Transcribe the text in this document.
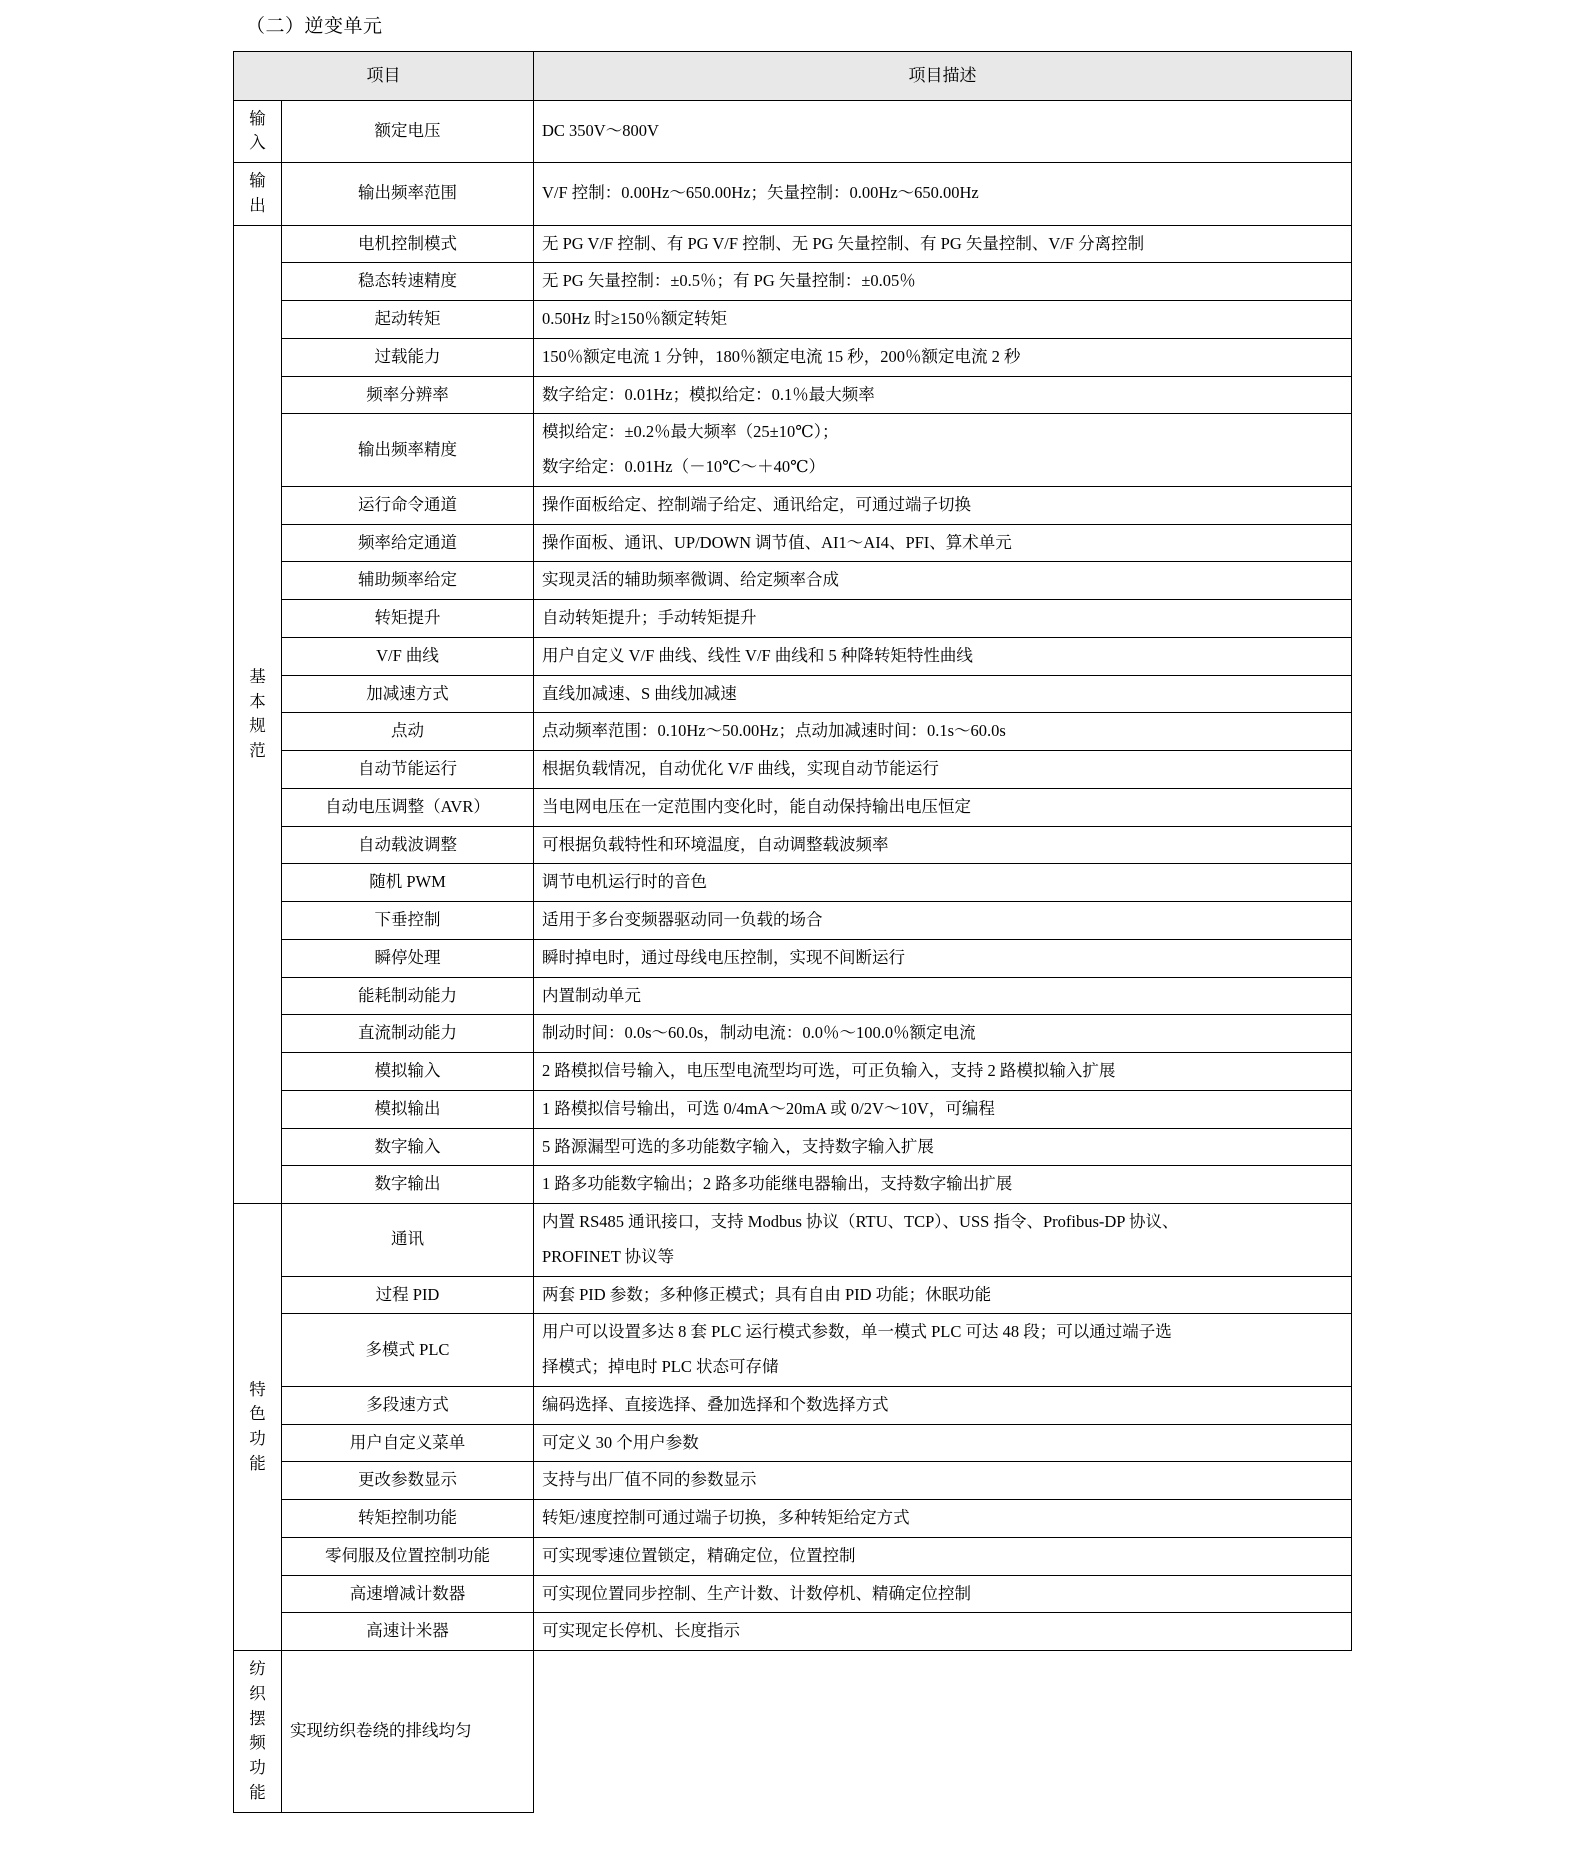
（二）逆变单元
项目		项目描述
输入	额定电压	DC 350V～800V

输出	输出频率范围	V/F 控制：0.00Hz～650.00Hz；矢量控制：0.00Hz～650.00Hz

基本规范	电机控制模式	无 PG V/F 控制、有 PG V/F 控制、无 PG 矢量控制、有 PG 矢量控制、V/F 分离控制

	稳态转速精度	无 PG 矢量控制：±0.5％；有 PG 矢量控制：±0.05％

	起动转矩	0.50Hz 时≥150％额定转矩

	过载能力	150％额定电流 1 分钟，180％额定电流 15 秒，200％额定电流 2 秒

	频率分辨率	数字给定：0.01Hz；模拟给定：0.1％最大频率

	输出频率精度	模拟给定：±0.2％最大频率（25±10℃）；
数字给定：0.01Hz（－10℃～＋40℃）

	运行命令通道	操作面板给定、控制端子给定、通讯给定，可通过端子切换

	频率给定通道	操作面板、通讯、UP/DOWN 调节值、AI1～AI4、PFI、算术单元

	辅助频率给定	实现灵活的辅助频率微调、给定频率合成

	转矩提升	自动转矩提升；手动转矩提升

	V/F 曲线	用户自定义 V/F 曲线、线性 V/F 曲线和 5 种降转矩特性曲线

	加减速方式	直线加减速、S 曲线加减速

	点动	点动频率范围：0.10Hz～50.00Hz；点动加减速时间：0.1s～60.0s

	自动节能运行	根据负载情况，自动优化 V/F 曲线，实现自动节能运行

	自动电压调整（AVR）	当电网电压在一定范围内变化时，能自动保持输出电压恒定

	自动载波调整	可根据负载特性和环境温度，自动调整载波频率

	随机 PWM	调节电机运行时的音色

	下垂控制	适用于多台变频器驱动同一负载的场合

	瞬停处理	瞬时掉电时，通过母线电压控制，实现不间断运行

	能耗制动能力	内置制动单元

	直流制动能力	制动时间：0.0s～60.0s，制动电流：0.0％～100.0％额定电流

	模拟输入	2 路模拟信号输入，电压型电流型均可选，可正负输入，支持 2 路模拟输入扩展

	模拟输出	1 路模拟信号输出，可选 0/4mA～20mA 或 0/2V～10V，可编程

	数字输入	5 路源漏型可选的多功能数字输入，支持数字输入扩展

	数字输出	1 路多功能数字输出；2 路多功能继电器输出，支持数字输出扩展

特色功能	通讯	内置 RS485 通讯接口，支持 Modbus 协议（RTU、TCP）、USS 指令、Profibus-DP 协议、
PROFINET 协议等

	过程 PID	两套 PID 参数；多种修正模式；具有自由 PID 功能；休眠功能

	多模式 PLC	用户可以设置多达 8 套 PLC 运行模式参数，单一模式 PLC 可达 48 段；可以通过端子选
择模式；掉电时 PLC 状态可存储

	多段速方式	编码选择、直接选择、叠加选择和个数选择方式

	用户自定义菜单	可定义 30 个用户参数

	更改参数显示	支持与出厂值不同的参数显示

	转矩控制功能	转矩/速度控制可通过端子切换，多种转矩给定方式

	零伺服及位置控制功能	可实现零速位置锁定，精确定位，位置控制

	高速增减计数器	可实现位置同步控制、生产计数、计数停机、精确定位控制

	高速计米器	可实现定长停机、长度指示

纺织摆频功能	实现纺织卷绕的排线均匀	
